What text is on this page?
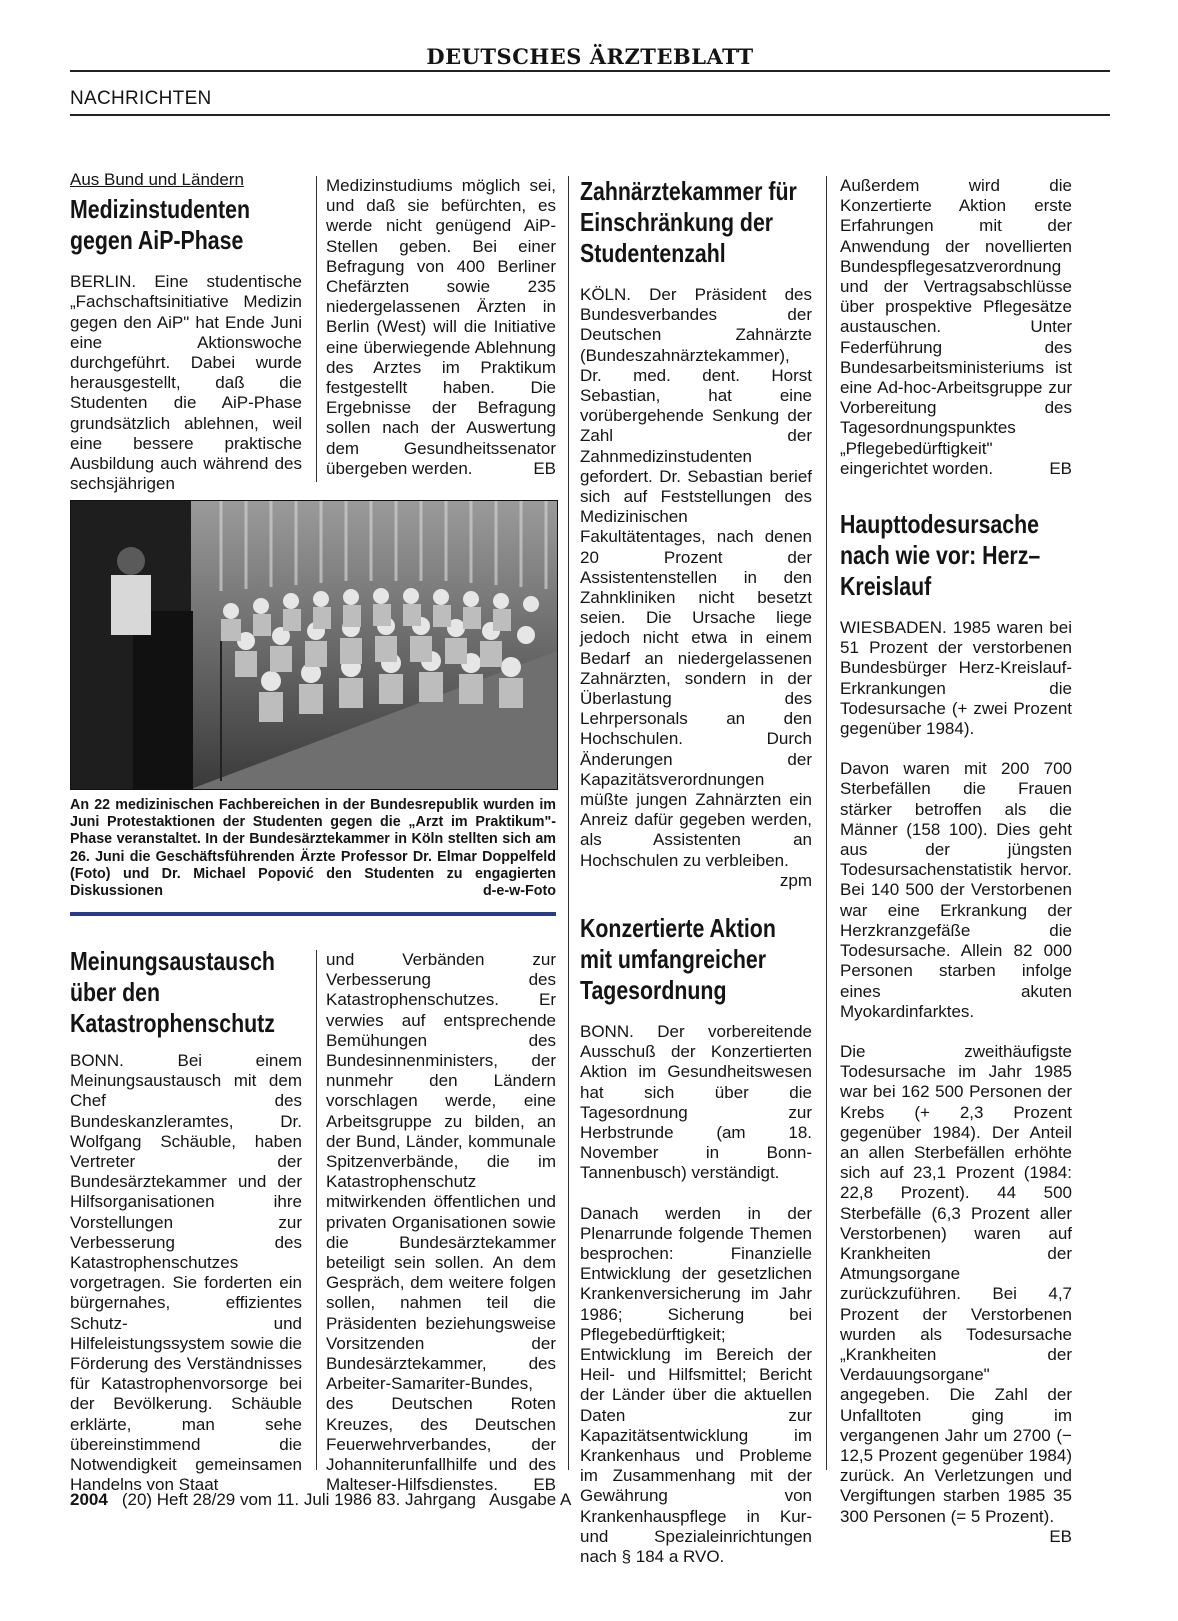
DEUTSCHES ÄRZTEBLATT
NACHRICHTEN
Aus Bund und Ländern
Medizinstudenten gegen AiP-Phase

BERLIN. Eine studentische „Fachschaftsinitiative Medizin gegen den AiP" hat Ende Juni eine Aktionswoche durchgeführt. Dabei wurde herausgestellt, daß die Studenten die AiP-Phase grundsätzlich ablehnen, weil eine bessere praktische Ausbildung auch während des sechsjährigen

Medizinstudiums möglich sei, und daß sie befürchten, es werde nicht genügend AiP-Stellen geben. Bei einer Befragung von 400 Berliner Chefärzten sowie 235 niedergelassenen Ärzten in Berlin (West) will die Initiative eine überwiegende Ablehnung des Arztes im Praktikum festgestellt haben. Die Ergebnisse der Befragung sollen nach der Auswertung dem Gesundheitssenator übergeben werden.	EB

An 22 medizinischen Fachbereichen in der Bundesrepublik wurden im Juni Protestaktionen der Studenten gegen die „Arzt im Praktikum"-Phase veranstaltet. In der Bundesärztekammer in Köln stellten sich am 26. Juni die Geschäftsführenden Ärzte Professor Dr. Elmar Doppelfeld (Foto) und Dr. Michael Popović den Studenten zu engagierten Diskussionen	d-e-w-Foto
Meinungsaustausch über den Katastrophenschutz

BONN. Bei einem Meinungsaustausch mit dem Chef des Bundeskanzleramtes, Dr. Wolfgang Schäuble, haben Vertreter der Bundesärztekammer und der Hilfsorganisationen ihre Vorstellungen zur Verbesserung des Katastrophenschutzes vorgetragen. Sie forderten ein bürgernahes, effizientes Schutz- und Hilfeleistungssystem sowie die Förderung des Verständnisses für Katastrophenvorsorge bei der Bevölkerung. Schäuble erklärte, man sehe übereinstimmend die Notwendigkeit gemeinsamen Handelns von Staat

und Verbänden zur Verbesserung des Katastrophenschutzes. Er verwies auf entsprechende Bemühungen des Bundesinnenministers, der nunmehr den Ländern vorschlagen werde, eine Arbeitsgruppe zu bilden, an der Bund, Länder, kommunale Spitzenverbände, die im Katastrophenschutz mitwirkenden öffentlichen und privaten Organisationen sowie die Bundesärztekammer beteiligt sein sollen. An dem Gespräch, dem weitere folgen sollen, nahmen teil die Präsidenten beziehungsweise Vorsitzenden der Bundesärztekammer, des Arbeiter-Samariter-Bundes, des Deutschen Roten Kreuzes, des Deutschen Feuerwehrverbandes, der Johanniterunfallhilfe und des Malteser-Hilfsdienstes. EB

Zahnärztekammer für Einschränkung der Studentenzahl

KÖLN. Der Präsident des Bundesverbandes der Deutschen Zahnärzte (Bundeszahnärztekammer), Dr. med. dent. Horst Sebastian, hat eine vorübergehende Senkung der Zahl der Zahnmedizinstudenten gefordert. Dr. Sebastian berief sich auf Feststellungen des Medizinischen Fakultätentages, nach denen 20 Prozent der Assistentenstellen in den Zahnkliniken nicht besetzt seien. Die Ursache liege jedoch nicht etwa in einem Bedarf an niedergelassenen Zahnärzten, sondern in der Überlastung des Lehrpersonals an den Hochschulen. Durch Änderungen der Kapazitätsverordnungen müßte jungen Zahnärzten ein Anreiz dafür gegeben werden, als Assistenten an Hochschulen zu verbleiben.
zpm

Konzertierte Aktion mit umfangreicher Tagesordnung

BONN. Der vorbereitende Ausschuß der Konzertierten Aktion im Gesundheitswesen hat sich über die Tagesordnung zur Herbstrunde (am 18. November in Bonn-Tannenbusch) verständigt.

Danach werden in der Plenarrunde folgende Themen besprochen: Finanzielle Entwicklung der gesetzlichen Krankenversicherung im Jahr 1986; Sicherung bei Pflegebedürftigkeit; Entwicklung im Bereich der Heil- und Hilfsmittel; Bericht der Länder über die aktuellen Daten zur Kapazitätsentwicklung im Krankenhaus und Probleme im Zusammenhang mit der Gewährung von Krankenhauspflege in Kur- und Spezialeinrichtungen nach § 184 a RVO.

Außerdem wird die Konzertierte Aktion erste Erfahrungen mit der Anwendung der novellierten Bundespflegesatzverordnung und der Vertragsabschlüsse über prospektive Pflegesätze austauschen. Unter Federführung des Bundesarbeitsministeriums ist eine Ad-hoc-Arbeitsgruppe zur Vorbereitung des Tagesordnungspunktes „Pflegebedürftigkeit" eingerichtet worden.	EB

Haupttodesursache nach wie vor: Herz–Kreislauf

WIESBADEN. 1985 waren bei 51 Prozent der verstorbenen Bundesbürger Herz-Kreislauf-Erkrankungen die Todesursache (+ zwei Prozent gegenüber 1984).

Davon waren mit 200 700 Sterbefällen die Frauen stärker betroffen als die Männer (158 100). Dies geht aus der jüngsten Todesursachenstatistik hervor. Bei 140 500 der Verstorbenen war eine Erkrankung der Herzkranzgefäße die Todesursache. Allein 82 000 Personen starben infolge eines akuten Myokardinfarktes.

Die zweithäufigste Todesursache im Jahr 1985 war bei 162 500 Personen der Krebs (+ 2,3 Prozent gegenüber 1984). Der Anteil an allen Sterbefällen erhöhte sich auf 23,1 Prozent (1984: 22,8 Prozent). 44 500 Sterbefälle (6,3 Prozent aller Verstorbenen) waren auf Krankheiten der Atmungsorgane zurückzuführen. Bei 4,7 Prozent der Verstorbenen wurden als Todesursache „Krankheiten der Verdauungsorgane" angegeben. Die Zahl der Unfalltoten ging im vergangenen Jahr um 2700 (− 12,5 Prozent gegenüber 1984) zurück. An Verletzungen und Vergiftungen starben 1985 35 300 Personen (= 5 Prozent).
EB

2004 (20) Heft 28/29 vom 11. Juli 1986 83. Jahrgang   Ausgabe A
